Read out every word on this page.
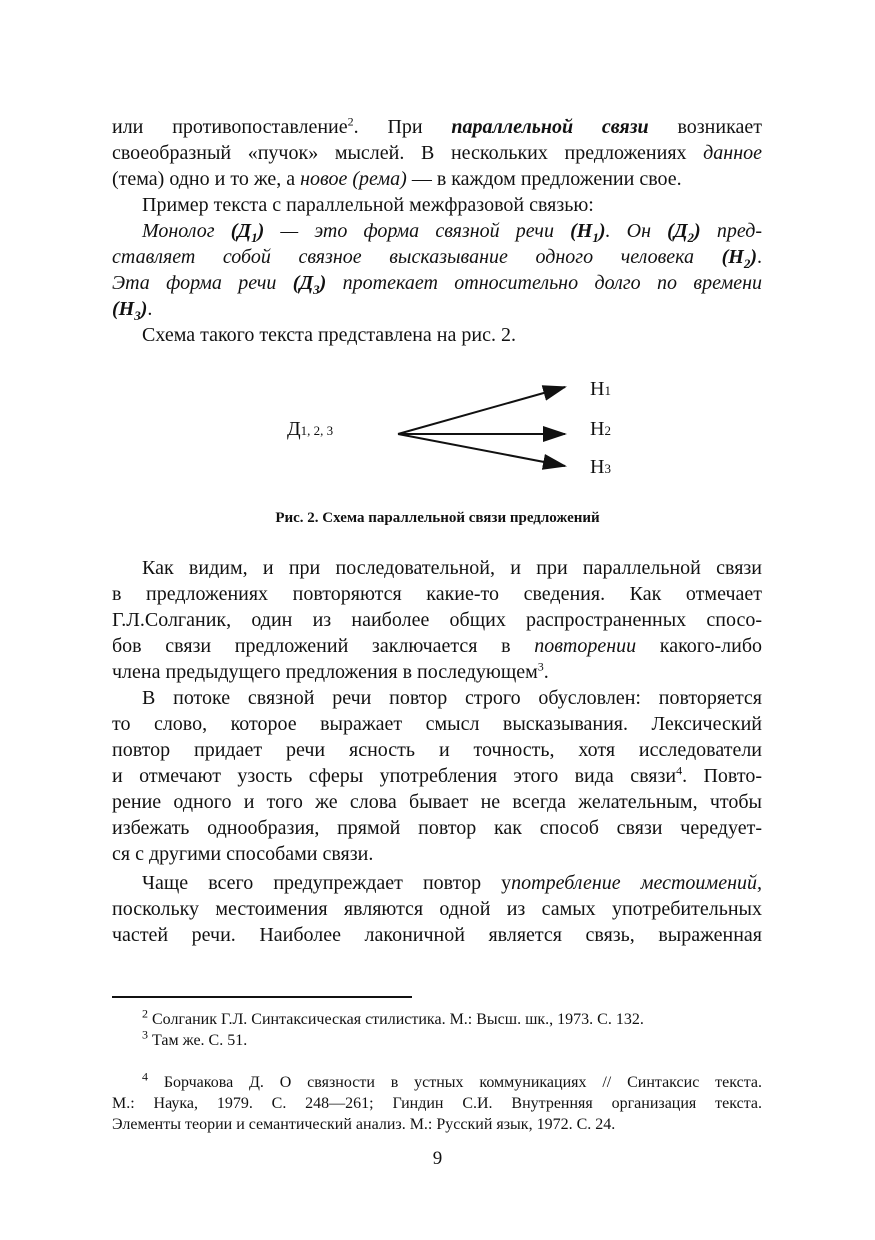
или противопоставление$^2$. При параллельной связи возникает
своеобразный «пучок» мыслей. В нескольких предложениях данное
(тема) одно и то же, а новое (рема) — в каждом предложении свое.
Пример текста с параллельной межфразовой связью:
Монолог $(Д_1)$ — это форма связной речи $(Н_1)$. Он $(Д_2)$ пред-
ставляет собой связное высказывание одного человека $(Н_2)$.
Эта форма речи $(Д_3)$ протекает относительно долго по времени
$(Н_3)$.
Схема такого текста представлена на рис. 2.
Как видим, и при последовательной, и при параллельной связи
в предложениях повторяются какие-то сведения. Как отмечает
Г.Л.Солганик, один из наиболее общих распространенных спосо-
бов связи предложений заключается в повторении какого-либо
члена предыдущего предложения в последующем$^3$.
В потоке связной речи повтор строго обусловлен: повторяется
то слово, которое выражает смысл высказывания. Лексический
повтор придает речи ясность и точность, хотя исследователи
и отмечают узость сферы употребления этого вида связи$^4$. Повто-
рение одного и того же слова бывает не всегда желательным, чтобы
избежать однообразия, прямой повтор как способ связи чередует-
ся с другими способами связи.
Чаще всего предупреждает повтор употребление местоимений,
поскольку местоимения являются одной из самых употребительных
частей речи. Наиболее лаконичной является связь, выраженная
Д1, 2, 3
Н1
Н2
Н3
Рис. 2. Схема параллельной связи предложений
$^2$ Солганик Г.Л. Синтаксическая стилистика. М.: Высш. шк., 1973. С. 132.
$^3$ Там же. С. 51.
$^4$ Борчакова Д. О связности в устных коммуникациях // Синтаксис текста.
М.: Наука, 1979. С. 248—261; Гиндин С.И. Внутренняя организация текста.
Элементы теории и семантический анализ. М.: Русский язык, 1972. С. 24.
9
